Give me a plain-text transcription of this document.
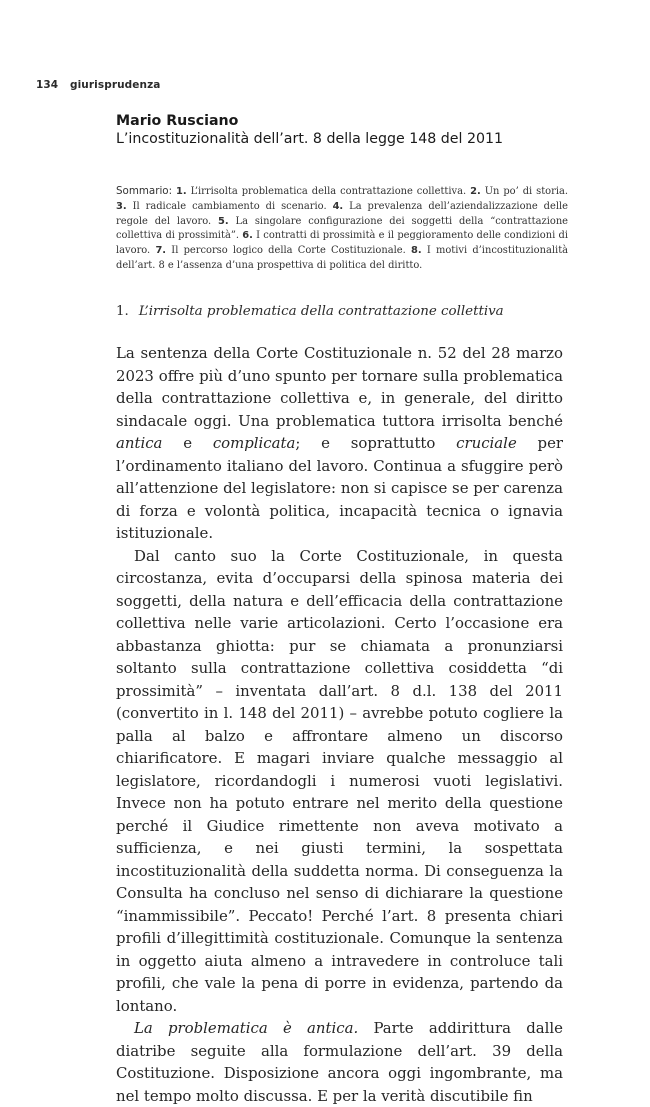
134 giurisprudenza
Mario Rusciano
L’incostituzionalità dell’art. 8 della legge 148 del 2011
Sommario: 1. L’irrisolta problematica della contrattazione collettiva. 2. Un po’ di storia. 3. Il radicale cambiamento di scenario. 4. La prevalenza dell’aziendalizzazione delle regole del lavoro. 5. La singolare configurazione dei soggetti della “contrattazione collettiva di prossimità”. 6. I contratti di prossimità e il peggioramento delle condizioni di lavoro. 7. Il percorso logico della Corte Costituzionale. 8. I motivi d’incostituzionalità dell’art. 8 e l’assenza d’una prospettiva di politica del diritto.
1. L’irrisolta problematica della contrattazione collettiva

La sentenza della Corte Costituzionale n. 52 del 28 marzo 2023 offre più d’uno spunto per tornare sulla problematica della contrattazione collettiva e, in generale, del diritto sindacale oggi. Una problematica tuttora irrisolta benché antica e complicata; e soprattutto cruciale per l’ordinamento italiano del lavoro. Continua a sfuggire però all’attenzione del legislatore: non si capisce se per carenza di forza e volontà politica, incapacità tecnica o ignavia istituzionale.

Dal canto suo la Corte Costituzionale, in questa circostanza, evita d’occuparsi della spinosa materia dei soggetti, della natura e dell’efficacia della contrattazione collettiva nelle varie articolazioni. Certo l’occasione era abbastanza ghiotta: pur se chiamata a pronunziarsi soltanto sulla contrattazione collettiva cosiddetta “di prossimità” – inventata dall’art. 8 d.l. 138 del 2011 (convertito in l. 148 del 2011) – avrebbe potuto cogliere la palla al balzo e affrontare almeno un discorso chiarificatore. E magari inviare qualche messaggio al legislatore, ricordandogli i numerosi vuoti legislativi. Invece non ha potuto entrare nel merito della questione perché il Giudice rimettente non aveva motivato a sufficienza, e nei giusti termini, la sospettata incostituzionalità della suddetta norma. Di conseguenza la Consulta ha concluso nel senso di dichiarare la questione “inammissibile”. Peccato! Perché l’art. 8 presenta chiari profili d’illegittimità costituzionale. Comunque la sentenza in oggetto aiuta almeno a intravedere in controluce tali profili, che vale la pena di porre in evidenza, partendo da lontano.

La problematica è antica. Parte addirittura dalle diatribe seguite alla formulazione dell’art. 39 della Costituzione. Disposizione ancora oggi ingombrante, ma nel tempo molto discussa. E per la verità discutibile fin
